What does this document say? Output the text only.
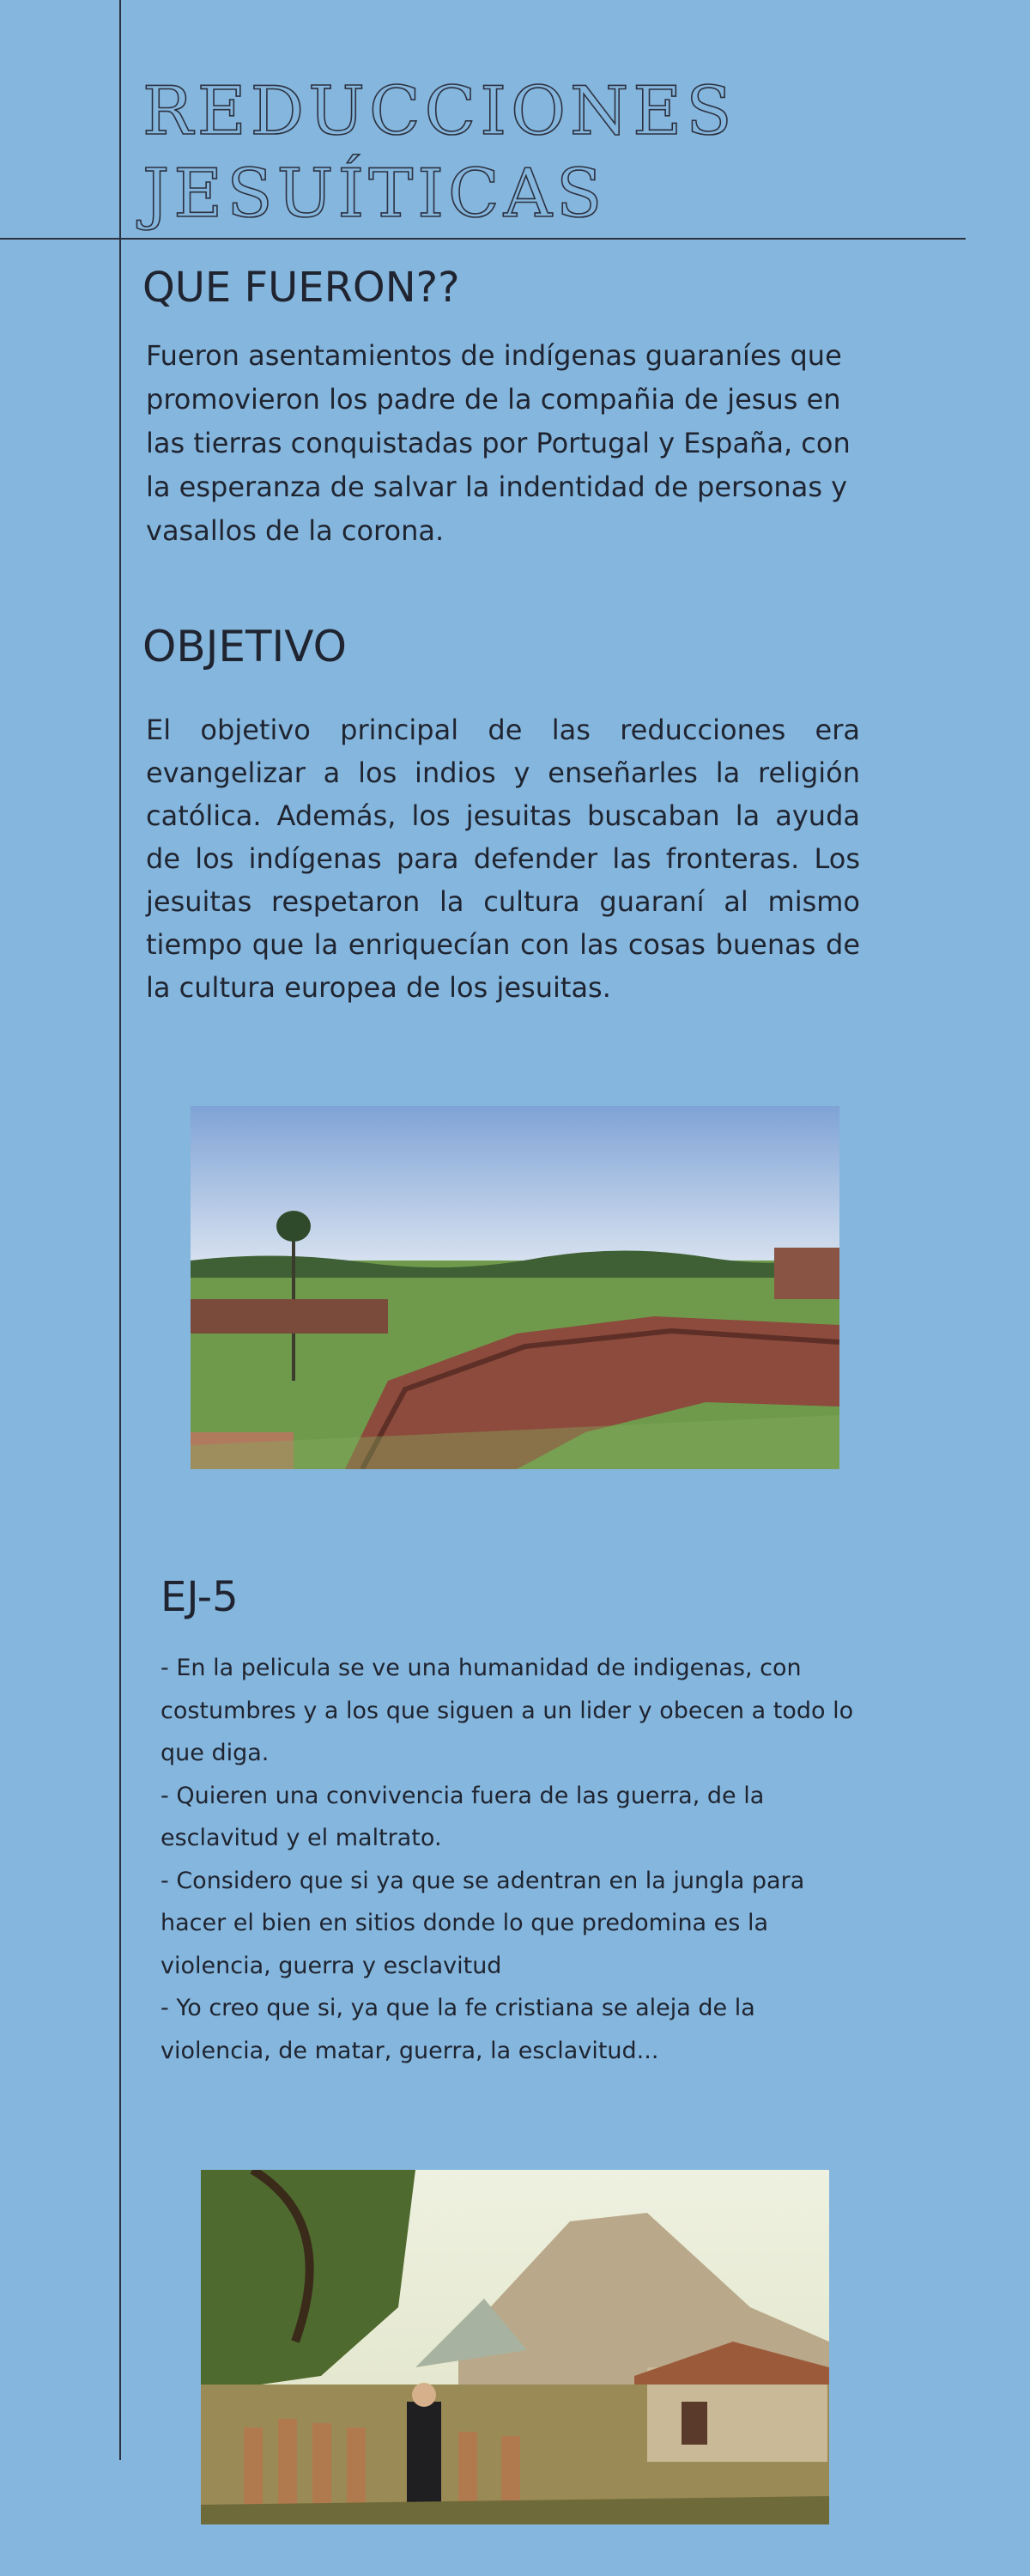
REDUCCIONES
JESUÍTICAS
QUE FUERON??

Fueron asentamientos de indígenas guaraníes que promovieron los padre de la compañia de jesus en las tierras conquistadas por Portugal y España, con la esperanza de salvar la indentidad de personas y vasallos de la corona.

OBJETIVO

El objetivo principal de las reducciones era evangelizar a los indios y enseñarles la religión católica. Además, los jesuitas buscaban la ayuda de los indígenas para defender las fronteras. Los jesuitas respetaron la cultura guaraní al mismo tiempo que la enriquecían con las cosas buenas de la cultura europea de los jesuitas.

EJ-5
- En la pelicula se ve una humanidad de indigenas, con costumbres y a los que siguen a un lider y obecen a todo lo que diga.
- Quieren una convivencia fuera de las guerra, de la esclavitud y el maltrato.
- Considero que si ya que se adentran en la jungla para hacer el bien en sitios donde lo que predomina es la violencia, guerra y esclavitud
- Yo creo que si, ya que la fe cristiana se aleja de la violencia, de matar, guerra, la esclavitud...
